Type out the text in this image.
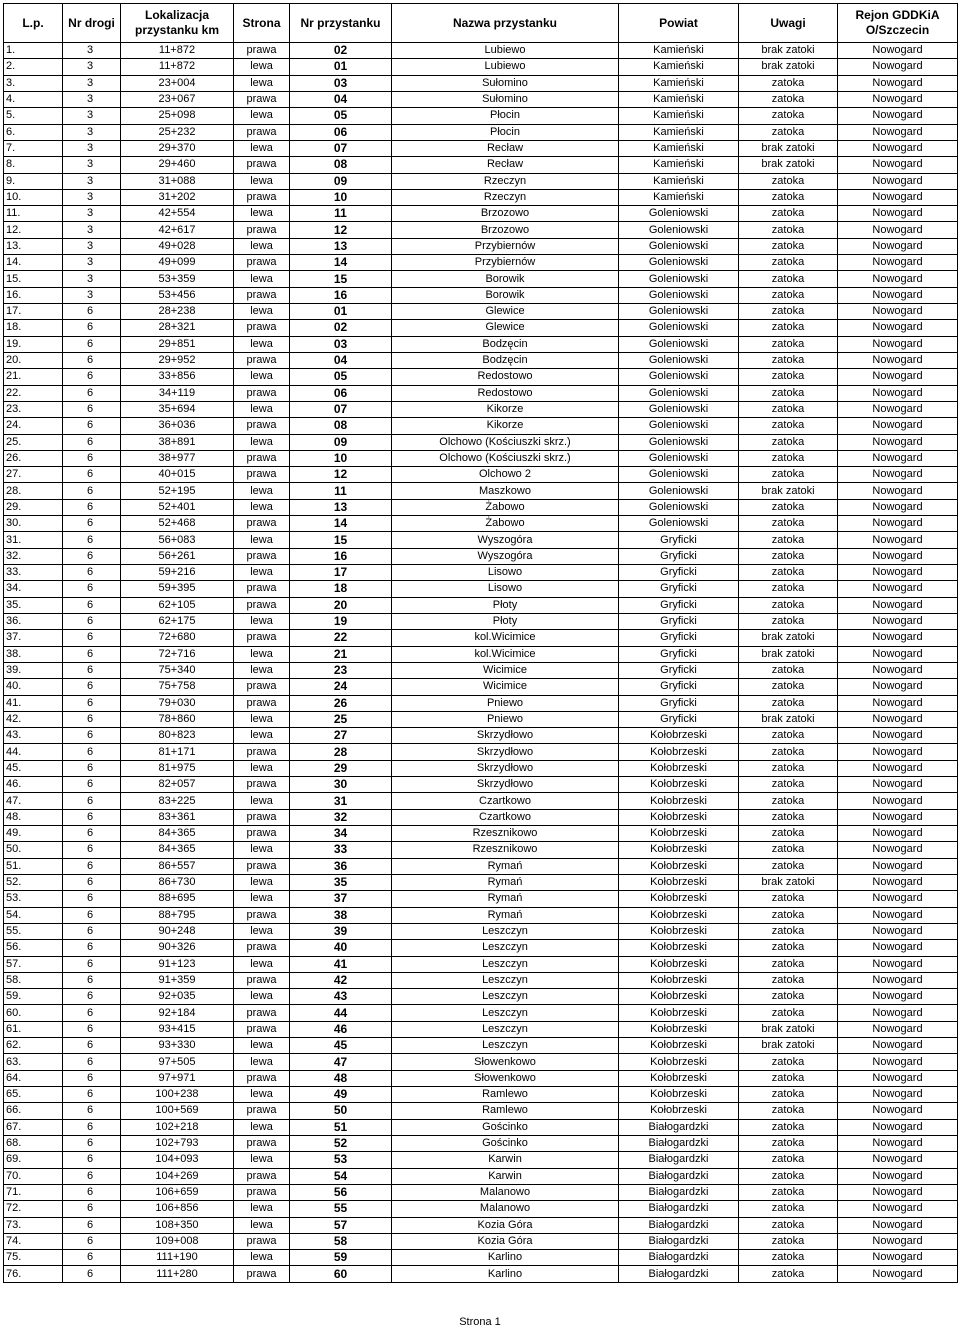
L.p.	Nr drogi	Lokalizacja przystanku km	Strona	Nr przystanku	Nazwa przystanku	Powiat	Uwagi	Rejon GDDKiA O/Szczecin
1.	3	11+872	prawa	02	Lubiewo	Kamieński	brak zatoki	Nowogard
2.	3	11+872	lewa	01	Lubiewo	Kamieński	brak zatoki	Nowogard
3.	3	23+004	lewa	03	Sułomino	Kamieński	zatoka	Nowogard
4.	3	23+067	prawa	04	Sułomino	Kamieński	zatoka	Nowogard
5.	3	25+098	lewa	05	Płocin	Kamieński	zatoka	Nowogard
6.	3	25+232	prawa	06	Płocin	Kamieński	zatoka	Nowogard
7.	3	29+370	lewa	07	Recław	Kamieński	brak zatoki	Nowogard
8.	3	29+460	prawa	08	Recław	Kamieński	brak zatoki	Nowogard
9.	3	31+088	lewa	09	Rzeczyn	Kamieński	zatoka	Nowogard
10.	3	31+202	prawa	10	Rzeczyn	Kamieński	zatoka	Nowogard
11.	3	42+554	lewa	11	Brzozowo	Goleniowski	zatoka	Nowogard
12.	3	42+617	prawa	12	Brzozowo	Goleniowski	zatoka	Nowogard
13.	3	49+028	lewa	13	Przybiernów	Goleniowski	zatoka	Nowogard
14.	3	49+099	prawa	14	Przybiernów	Goleniowski	zatoka	Nowogard
15.	3	53+359	lewa	15	Borowik	Goleniowski	zatoka	Nowogard
16.	3	53+456	prawa	16	Borowik	Goleniowski	zatoka	Nowogard
17.	6	28+238	lewa	01	Glewice	Goleniowski	zatoka	Nowogard
18.	6	28+321	prawa	02	Glewice	Goleniowski	zatoka	Nowogard
19.	6	29+851	lewa	03	Bodzęcin	Goleniowski	zatoka	Nowogard
20.	6	29+952	prawa	04	Bodzęcin	Goleniowski	zatoka	Nowogard
21.	6	33+856	lewa	05	Redostowo	Goleniowski	zatoka	Nowogard
22.	6	34+119	prawa	06	Redostowo	Goleniowski	zatoka	Nowogard
23.	6	35+694	lewa	07	Kikorze	Goleniowski	zatoka	Nowogard
24.	6	36+036	prawa	08	Kikorze	Goleniowski	zatoka	Nowogard
25.	6	38+891	lewa	09	Olchowo (Kościuszki skrz.)	Goleniowski	zatoka	Nowogard
26.	6	38+977	prawa	10	Olchowo (Kościuszki skrz.)	Goleniowski	zatoka	Nowogard
27.	6	40+015	prawa	12	Olchowo 2	Goleniowski	zatoka	Nowogard
28.	6	52+195	lewa	11	Maszkowo	Goleniowski	brak zatoki	Nowogard
29.	6	52+401	lewa	13	Żabowo	Goleniowski	zatoka	Nowogard
30.	6	52+468	prawa	14	Żabowo	Goleniowski	zatoka	Nowogard
31.	6	56+083	lewa	15	Wyszogóra	Gryficki	zatoka	Nowogard
32.	6	56+261	prawa	16	Wyszogóra	Gryficki	zatoka	Nowogard
33.	6	59+216	lewa	17	Lisowo	Gryficki	zatoka	Nowogard
34.	6	59+395	prawa	18	Lisowo	Gryficki	zatoka	Nowogard
35.	6	62+105	prawa	20	Płoty	Gryficki	zatoka	Nowogard
36.	6	62+175	lewa	19	Płoty	Gryficki	zatoka	Nowogard
37.	6	72+680	prawa	22	kol.Wicimice	Gryficki	brak zatoki	Nowogard
38.	6	72+716	lewa	21	kol.Wicimice	Gryficki	brak zatoki	Nowogard
39.	6	75+340	lewa	23	Wicimice	Gryficki	zatoka	Nowogard
40.	6	75+758	prawa	24	Wicimice	Gryficki	zatoka	Nowogard
41.	6	79+030	prawa	26	Pniewo	Gryficki	zatoka	Nowogard
42.	6	78+860	lewa	25	Pniewo	Gryficki	brak zatoki	Nowogard
43.	6	80+823	lewa	27	Skrzydłowo	Kołobrzeski	zatoka	Nowogard
44.	6	81+171	prawa	28	Skrzydłowo	Kołobrzeski	zatoka	Nowogard
45.	6	81+975	lewa	29	Skrzydłowo	Kołobrzeski	zatoka	Nowogard
46.	6	82+057	prawa	30	Skrzydłowo	Kołobrzeski	zatoka	Nowogard
47.	6	83+225	lewa	31	Czartkowo	Kołobrzeski	zatoka	Nowogard
48.	6	83+361	prawa	32	Czartkowo	Kołobrzeski	zatoka	Nowogard
49.	6	84+365	prawa	34	Rzesznikowo	Kołobrzeski	zatoka	Nowogard
50.	6	84+365	lewa	33	Rzesznikowo	Kołobrzeski	zatoka	Nowogard
51.	6	86+557	prawa	36	Rymań	Kołobrzeski	zatoka	Nowogard
52.	6	86+730	lewa	35	Rymań	Kołobrzeski	brak zatoki	Nowogard
53.	6	88+695	lewa	37	Rymań	Kołobrzeski	zatoka	Nowogard
54.	6	88+795	prawa	38	Rymań	Kołobrzeski	zatoka	Nowogard
55.	6	90+248	lewa	39	Leszczyn	Kołobrzeski	zatoka	Nowogard
56.	6	90+326	prawa	40	Leszczyn	Kołobrzeski	zatoka	Nowogard
57.	6	91+123	lewa	41	Leszczyn	Kołobrzeski	zatoka	Nowogard
58.	6	91+359	prawa	42	Leszczyn	Kołobrzeski	zatoka	Nowogard
59.	6	92+035	lewa	43	Leszczyn	Kołobrzeski	zatoka	Nowogard
60.	6	92+184	prawa	44	Leszczyn	Kołobrzeski	zatoka	Nowogard
61.	6	93+415	prawa	46	Leszczyn	Kołobrzeski	brak zatoki	Nowogard
62.	6	93+330	lewa	45	Leszczyn	Kołobrzeski	brak zatoki	Nowogard
63.	6	97+505	lewa	47	Słowenkowo	Kołobrzeski	zatoka	Nowogard
64.	6	97+971	prawa	48	Słowenkowo	Kołobrzeski	zatoka	Nowogard
65.	6	100+238	lewa	49	Ramlewo	Kołobrzeski	zatoka	Nowogard
66.	6	100+569	prawa	50	Ramlewo	Kołobrzeski	zatoka	Nowogard
67.	6	102+218	lewa	51	Gościnko	Białogardzki	zatoka	Nowogard
68.	6	102+793	prawa	52	Gościnko	Białogardzki	zatoka	Nowogard
69.	6	104+093	lewa	53	Karwin	Białogardzki	zatoka	Nowogard
70.	6	104+269	prawa	54	Karwin	Białogardzki	zatoka	Nowogard
71.	6	106+659	prawa	56	Malanowo	Białogardzki	zatoka	Nowogard
72.	6	106+856	lewa	55	Malanowo	Białogardzki	zatoka	Nowogard
73.	6	108+350	lewa	57	Kozia Góra	Białogardzki	zatoka	Nowogard
74.	6	109+008	prawa	58	Kozia Góra	Białogardzki	zatoka	Nowogard
75.	6	111+190	lewa	59	Karlino	Białogardzki	zatoka	Nowogard
76.	6	111+280	prawa	60	Karlino	Białogardzki	zatoka	Nowogard
Strona 1
